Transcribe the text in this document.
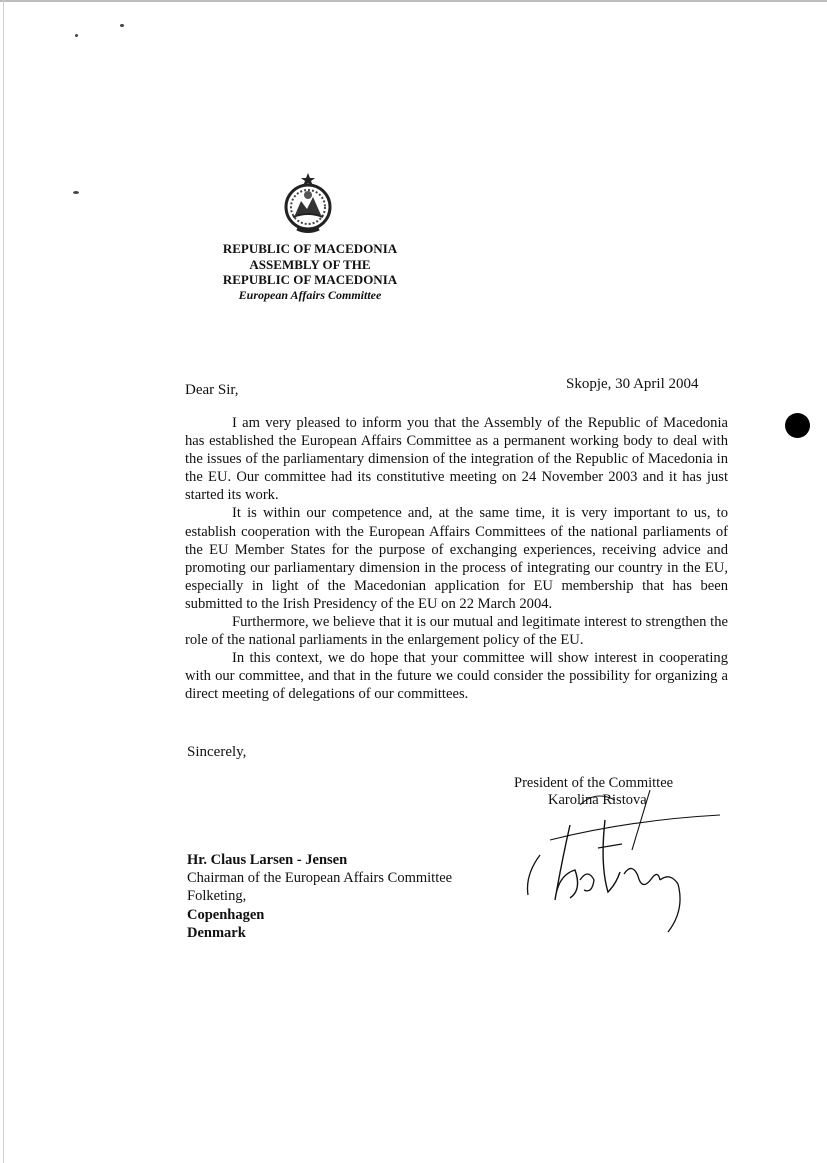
REPUBLIC OF MACEDONIA
ASSEMBLY OF THE
REPUBLIC OF MACEDONIA
European Affairs Committee
Dear Sir,	Skopje, 30 April 2004

I am very pleased to inform you that the Assembly of the Republic of Macedonia has established the European Affairs Committee as a permanent working body to deal with the issues of the parliamentary dimension of the integration of the Republic of Macedonia in the EU. Our committee had its constitutive meeting on 24 November 2003 and it has just started its work.

It is within our competence and, at the same time, it is very important to us, to establish cooperation with the European Affairs Committees of the national parliaments of the EU Member States for the purpose of exchanging experiences, receiving advice and promoting our parliamentary dimension in the process of integrating our country in the EU, especially in light of the Macedonian application for EU membership that has been submitted to the Irish Presidency of the EU on 22 March 2004.

Furthermore, we believe that it is our mutual and legitimate interest to strengthen the role of the national parliaments in the enlargement policy of the EU.

In this context, we do hope that your committee will show interest in cooperating with our committee, and that in the future we could consider the possibility for organizing a direct meeting of delegations of our committees.

Sincerely,
President of the Committee
Karolina Ristova
Hr. Claus Larsen - Jensen
Chairman of the European Affairs Committee
Folketing,
Copenhagen
Denmark
